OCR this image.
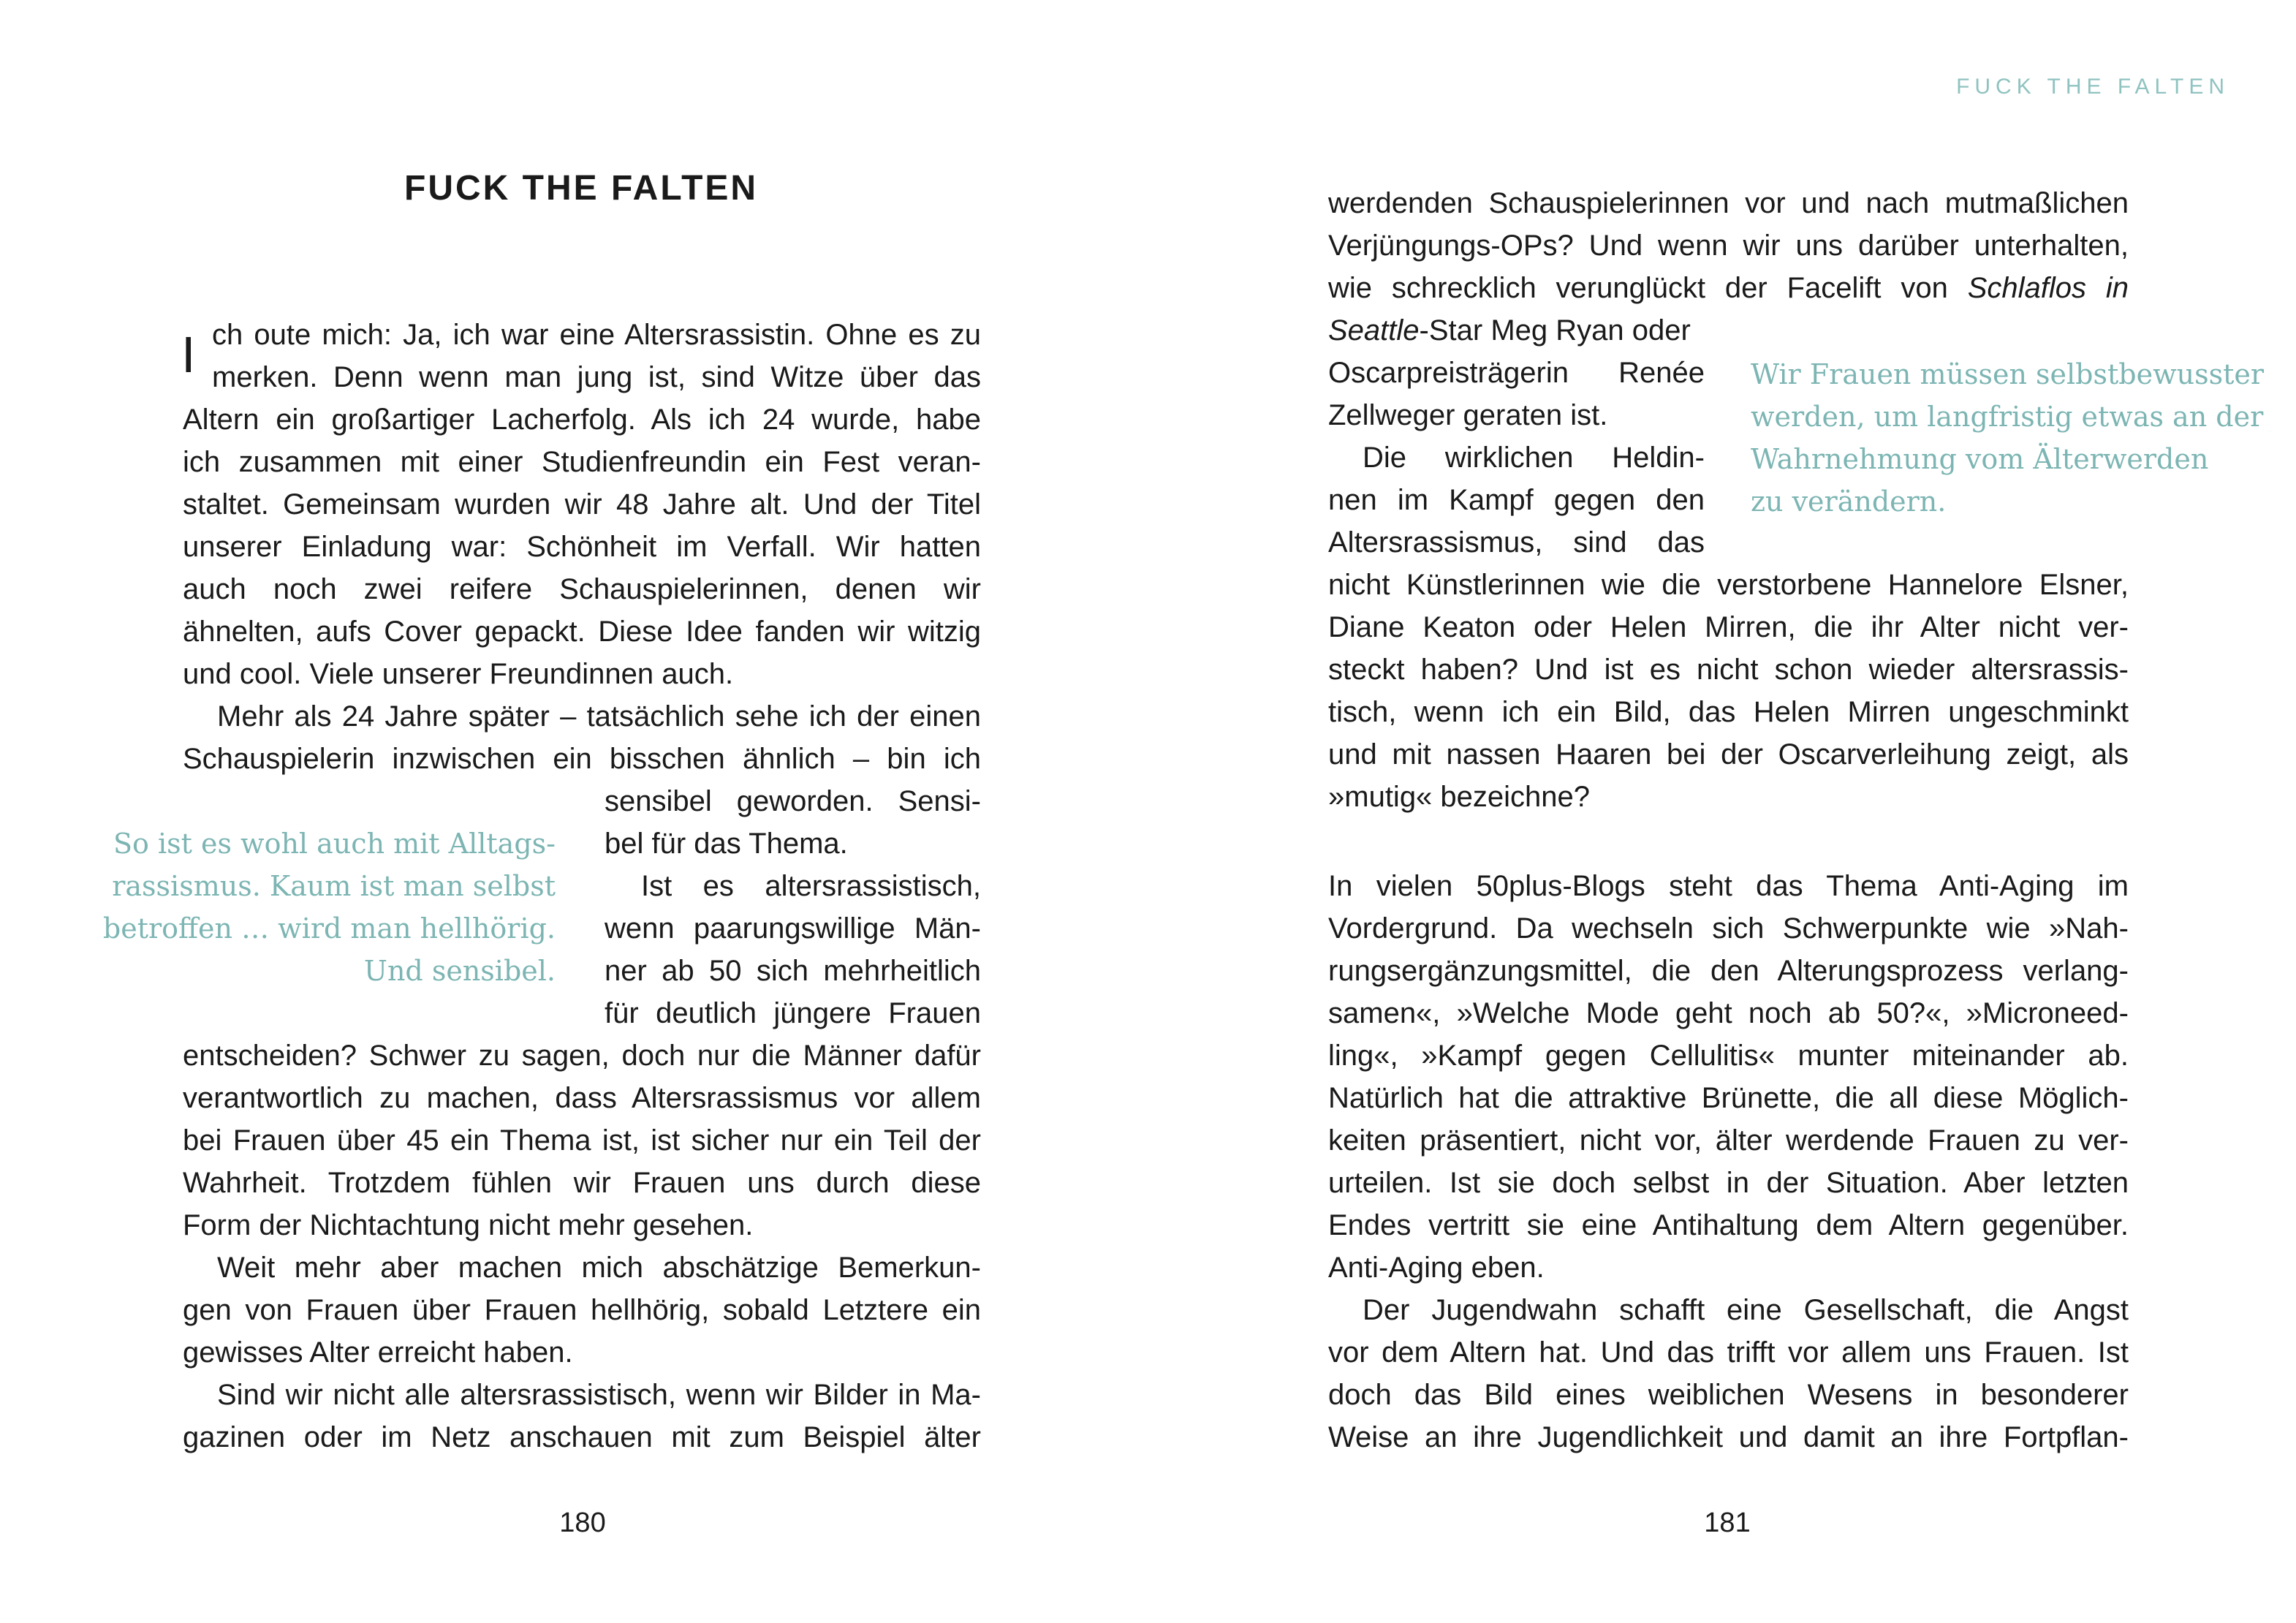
FUCK THE FALTEN
I ch oute mich: Ja, ich war eine Altersrassistin. Ohne es zu
merken. Denn wenn man jung ist, sind Witze über das
Altern ein großartiger Lacherfolg. Als ich 24 wurde, habe
ich zusammen mit einer Studienfreundin ein Fest veran-
staltet. Gemeinsam wurden wir 48 Jahre alt. Und der Titel
unserer Einladung war: Schönheit im Verfall. Wir hatten
auch noch zwei reifere Schauspielerinnen, denen wir
ähnelten, aufs Cover gepackt. Diese Idee fanden wir witzig
und cool. Viele unserer Freundinnen auch.
Mehr als 24 Jahre später – tatsächlich sehe ich der einen
Schauspielerin inzwischen ein bisschen ähnlich – bin ich
sensibel geworden. Sensi-
bel für das Thema.
Ist es altersrassistisch,
wenn paarungswillige Män-
ner ab 50 sich mehrheitlich
für deutlich jüngere Frauen
entscheiden? Schwer zu sagen, doch nur die Männer dafür
verantwortlich zu machen, dass Altersrassismus vor allem
bei Frauen über 45 ein Thema ist, ist sicher nur ein Teil der
Wahrheit. Trotzdem fühlen wir Frauen uns durch diese
Form der Nichtachtung nicht mehr gesehen.
Weit mehr aber machen mich abschätzige Bemerkun-
gen von Frauen über Frauen hellhörig, sobald Letztere ein
gewisses Alter erreicht haben.
Sind wir nicht alle altersrassistisch, wenn wir Bilder in Ma-
gazinen oder im Netz anschauen mit zum Beispiel älter
So ist es wohl auch mit Alltags-
rassismus. Kaum ist man selbst
betroffen … wird man hellhörig.
Und sensibel.
180
FUCK THE FALTEN
werdenden Schauspielerinnen vor und nach mutmaßlichen
Verjüngungs-OPs? Und wenn wir uns darüber unterhalten,
wie schrecklich verunglückt der Facelift von Schlaflos in
Seattle-Star Meg Ryan oder
Oscarpreisträgerin Renée
Zellweger geraten ist.
Die wirklichen Heldin-
nen im Kampf gegen den
Altersrassismus, sind das
nicht Künstlerinnen wie die verstorbene Hannelore Elsner,
Diane Keaton oder Helen Mirren, die ihr Alter nicht ver-
steckt haben? Und ist es nicht schon wieder altersrassis-
tisch, wenn ich ein Bild, das Helen Mirren ungeschminkt
und mit nassen Haaren bei der Oscarverleihung zeigt, als
»mutig« bezeichne?
In vielen 50plus-Blogs steht das Thema Anti-Aging im
Vordergrund. Da wechseln sich Schwerpunkte wie »Nah-
rungsergänzungsmittel, die den Alterungsprozess verlang-
samen«, »Welche Mode geht noch ab 50?«, »Microneed-
ling«, »Kampf gegen Cellulitis« munter miteinander ab.
Natürlich hat die attraktive Brünette, die all diese Möglich-
keiten präsentiert, nicht vor, älter werdende Frauen zu ver-
urteilen. Ist sie doch selbst in der Situation. Aber letzten
Endes vertritt sie eine Antihaltung dem Altern gegenüber.
Anti-Aging eben.
Der Jugendwahn schafft eine Gesellschaft, die Angst
vor dem Altern hat. Und das trifft vor allem uns Frauen. Ist
doch das Bild eines weiblichen Wesens in besonderer
Weise an ihre Jugendlichkeit und damit an ihre Fortpflan-
Wir Frauen müssen selbstbewusster
werden, um langfristig etwas an der
Wahrnehmung vom Älterwerden
zu verändern.
181
